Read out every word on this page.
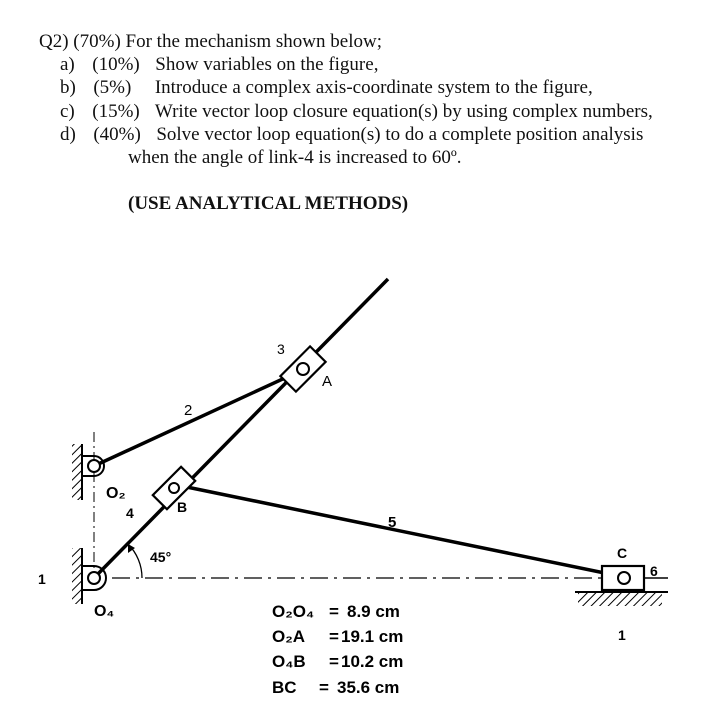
Q2) (70%) For the mechanism shown below;
a) (10%) Show variables on the figure,
b) (5%) Introduce a complex axis-coordinate system to the figure,
c) (15%) Write vector loop closure equation(s) by using complex numbers,
d) (40%) Solve vector loop equation(s) to do a complete position analysis
when the angle of link-4 is increased to 60º.
(USE ANALYTICAL METHODS)
3
A
2
O₂
4	B
5
45°
1
O₄
C
6
1
O₂O₄ = 8.9 cm
O₂A = 19.1 cm
O₄B = 10.2 cm
BC = 35.6 cm
